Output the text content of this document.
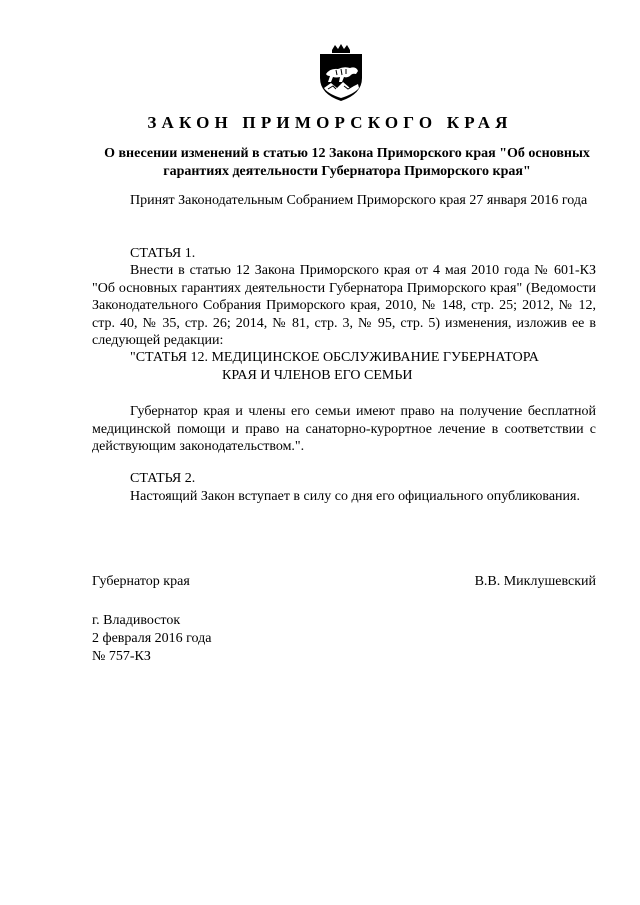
ЗАКОН ПРИМОРСКОГО КРАЯ
О внесении изменений в статью 12 Закона Приморского края "Об основных гарантиях деятельности Губернатора Приморского края"
Принят Законодательным Собранием Приморского края 27 января 2016 года
СТАТЬЯ 1.
Внести в статью 12 Закона Приморского края от 4 мая 2010 года № 601-КЗ "Об основных гарантиях деятельности Губернатора Приморского края" (Ведомости Законодательного Собрания Приморского края, 2010, № 148, стр. 25; 2012, № 12, стр. 40, № 35, стр. 26; 2014, № 81, стр. 3, № 95, стр. 5) изменения, изложив ее в следующей редакции:
"СТАТЬЯ 12. МЕДИЦИНСКОЕ ОБСЛУЖИВАНИЕ ГУБЕРНАТОРА
КРАЯ И ЧЛЕНОВ ЕГО СЕМЬИ
Губернатор края и члены его семьи имеют право на получение бесплатной медицинской помощи и право на санаторно-курортное лечение в соответствии с действующим законодательством.".
СТАТЬЯ 2.
Настоящий Закон вступает в силу со дня его официального опубликования.
Губернатор края	В.В. Миклушевский
г. Владивосток
2 февраля 2016 года
№ 757-КЗ
